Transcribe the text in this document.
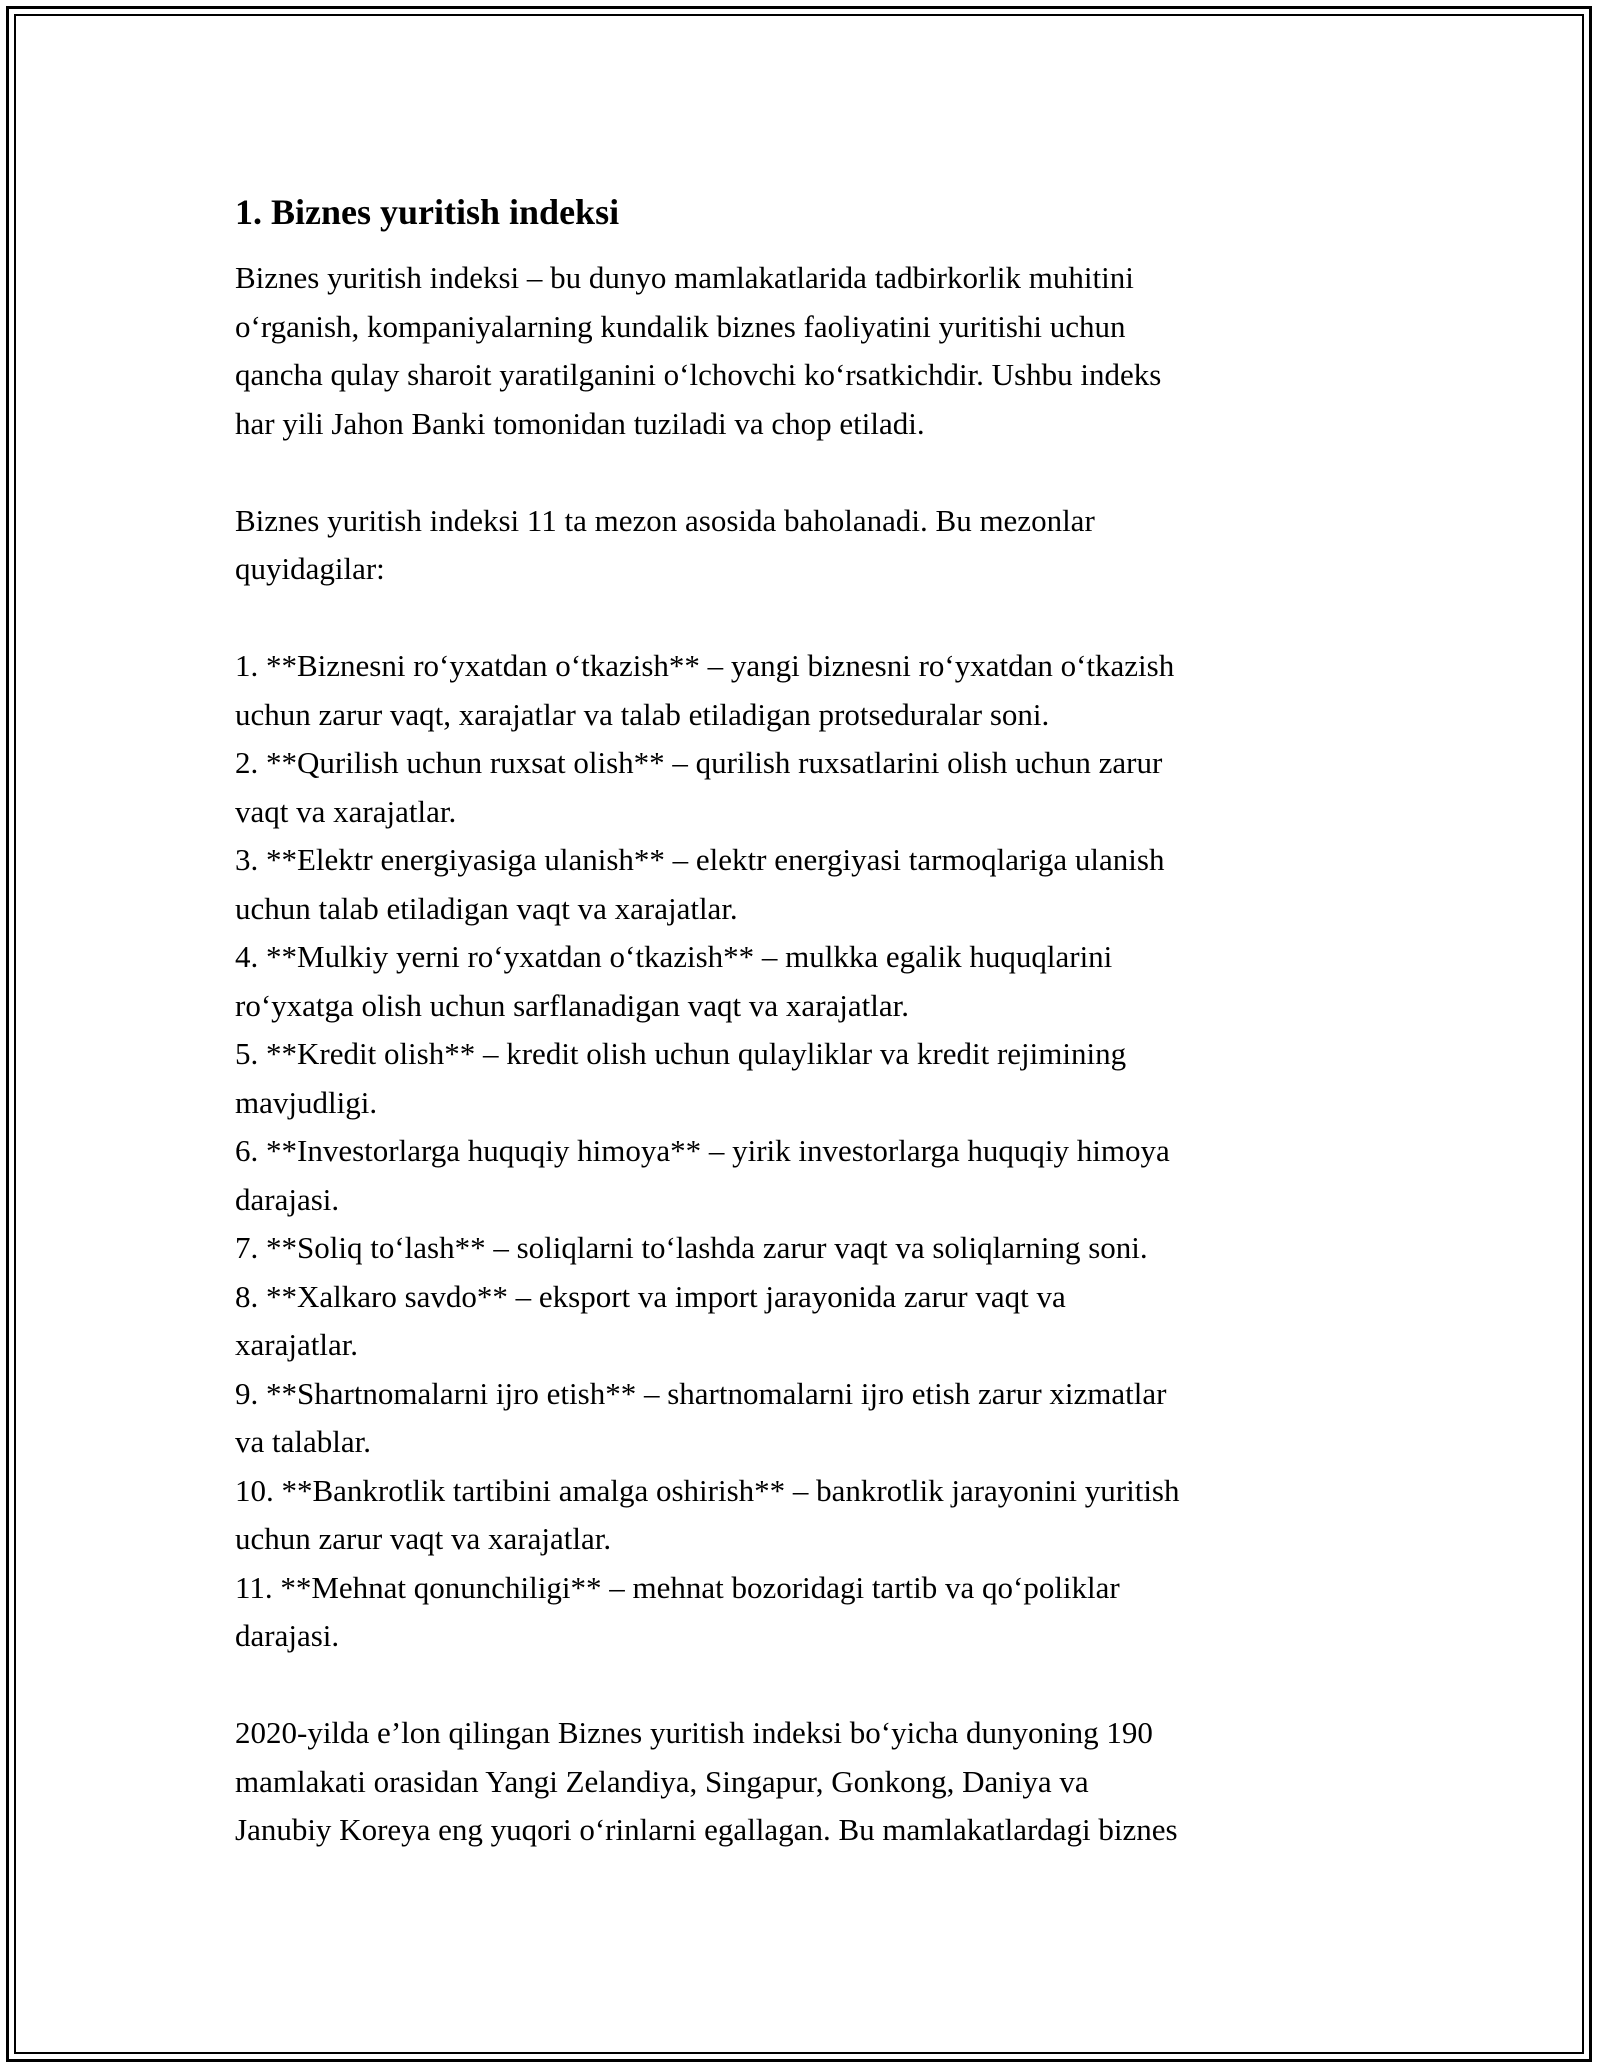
1. Biznes yuritish indeksi

Biznes yuritish indeksi – bu dunyo mamlakatlarida tadbirkorlik muhitini

o‘rganish, kompaniyalarning kundalik biznes faoliyatini yuritishi uchun

qancha qulay sharoit yaratilganini o‘lchovchi ko‘rsatkichdir. Ushbu indeks

har yili Jahon Banki tomonidan tuziladi va chop etiladi.

Biznes yuritish indeksi 11 ta mezon asosida baholanadi. Bu mezonlar

quyidagilar:

1. **Biznesni ro‘yxatdan o‘tkazish** – yangi biznesni ro‘yxatdan o‘tkazish

uchun zarur vaqt, xarajatlar va talab etiladigan protseduralar soni.

2. **Qurilish uchun ruxsat olish** – qurilish ruxsatlarini olish uchun zarur

vaqt va xarajatlar.

3. **Elektr energiyasiga ulanish** – elektr energiyasi tarmoqlariga ulanish

uchun talab etiladigan vaqt va xarajatlar.

4. **Mulkiy yerni ro‘yxatdan o‘tkazish** – mulkka egalik huquqlarini

ro‘yxatga olish uchun sarflanadigan vaqt va xarajatlar.

5. **Kredit olish** – kredit olish uchun qulayliklar va kredit rejimining

mavjudligi.

6. **Investorlarga huquqiy himoya** – yirik investorlarga huquqiy himoya

darajasi.

7. **Soliq to‘lash** – soliqlarni to‘lashda zarur vaqt va soliqlarning soni.

8. **Xalkaro savdo** – eksport va import jarayonida zarur vaqt va

xarajatlar.

9. **Shartnomalarni ijro etish** – shartnomalarni ijro etish zarur xizmatlar

va talablar.

10. **Bankrotlik tartibini amalga oshirish** – bankrotlik jarayonini yuritish

uchun zarur vaqt va xarajatlar.

11. **Mehnat qonunchiligi** – mehnat bozoridagi tartib va qo‘poliklar

darajasi.

2020-yilda e’lon qilingan Biznes yuritish indeksi bo‘yicha dunyoning 190

mamlakati orasidan Yangi Zelandiya, Singapur, Gonkong, Daniya va

Janubiy Koreya eng yuqori o‘rinlarni egallagan. Bu mamlakatlardagi biznes
